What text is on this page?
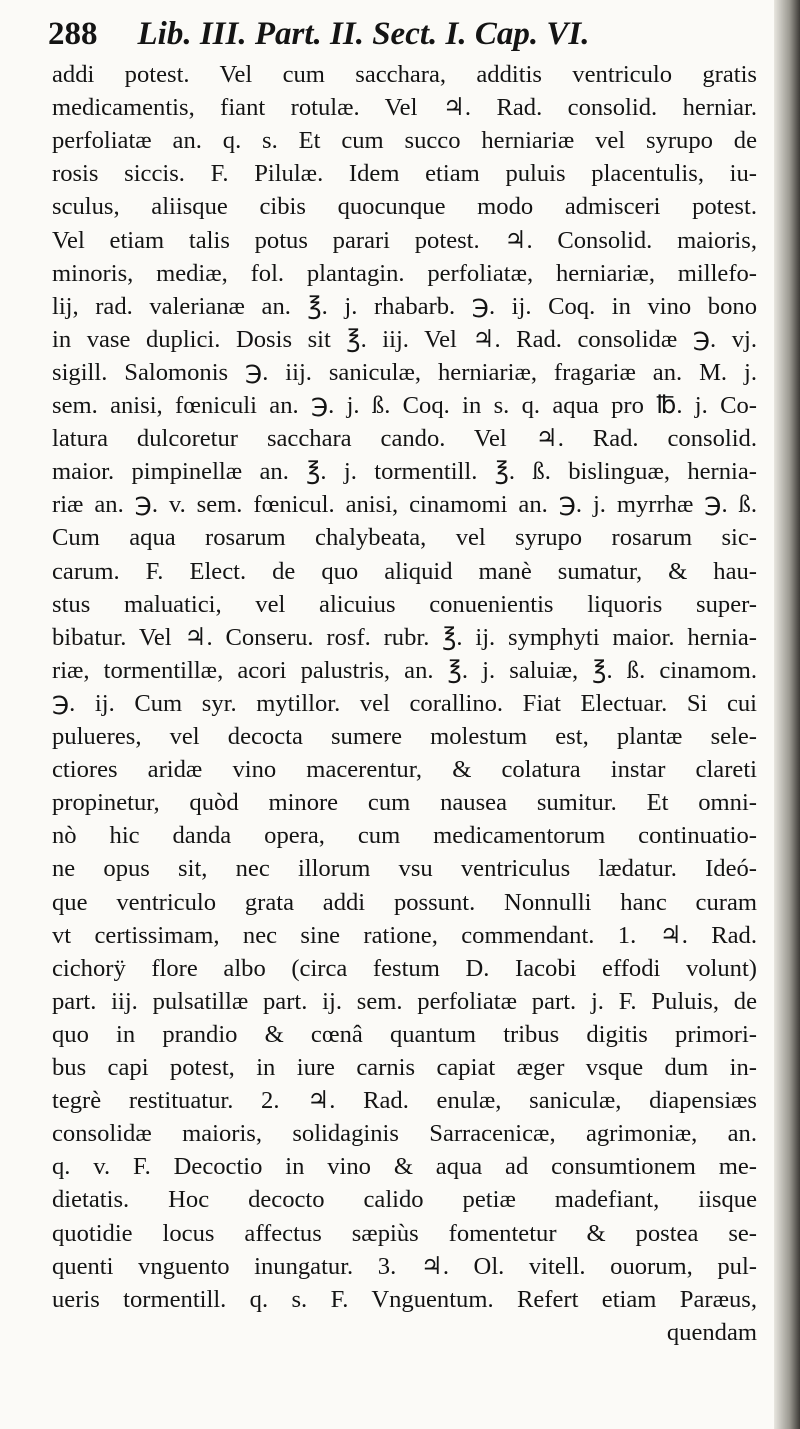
288 Lib. III. Part. II. Sect. I. Cap. VI.
addi potest. Vel cum sacchara, additis ventriculo gratis
medicamentis, fiant rotulæ. Vel ♃. Rad. consolid. herniar.
perfoliatæ an. q. s. Et cum succo herniariæ vel syrupo de
rosis siccis. F. Pilulæ. Idem etiam puluis placentulis, iu-
sculus, aliisque cibis quocunque modo admisceri potest.
Vel etiam talis potus parari potest. ♃. Consolid. maioris,
minoris, mediæ, fol. plantagin. perfoliatæ, herniariæ, millefo-
lij, rad. valerianæ an. ℥. j. rhabarb. ℈. ij. Coq. in vino bono
in vase duplici. Dosis sit ℥. iij. Vel ♃. Rad. consolidæ ℈. vj.
sigill. Salomonis ℈. iij. saniculæ, herniariæ, fragariæ an. M. j.
sem. anisi, fœniculi an. ℈. j. ß. Coq. in s. q. aqua pro ℔. j. Co-
latura dulcoretur sacchara cando. Vel ♃. Rad. consolid.
maior. pimpinellæ an. ℥. j. tormentill. ℥. ß. bislinguæ, hernia-
riæ an. ℈. v. sem. fœnicul. anisi, cinamomi an. ℈. j. myrrhæ ℈. ß.
Cum aqua rosarum chalybeata, vel syrupo rosarum sic-
carum. F. Elect. de quo aliquid manè sumatur, & hau-
stus maluatici, vel alicuius conuenientis liquoris super-
bibatur. Vel ♃. Conseru. rosf. rubr. ℥. ij. symphyti maior. hernia-
riæ, tormentillæ, acori palustris, an. ℥. j. saluiæ, ℥. ß. cinamom.
℈. ij. Cum syr. mytillor. vel corallino. Fiat Electuar. Si cui
pulueres, vel decocta sumere molestum est, plantæ sele-
ctiores aridæ vino macerentur, & colatura instar clareti
propinetur, quòd minore cum nausea sumitur. Et omni-
nò hic danda opera, cum medicamentorum continuatio-
ne opus sit, nec illorum vsu ventriculus lædatur. Ideó-
que ventriculo grata addi possunt. Nonnulli hanc curam
vt certissimam, nec sine ratione, commendant. 1. ♃. Rad.
cichorÿ flore albo (circa festum D. Iacobi effodi volunt)
part. iij. pulsatillæ part. ij. sem. perfoliatæ part. j. F. Puluis, de
quo in prandio & cœnâ quantum tribus digitis primori-
bus capi potest, in iure carnis capiat æger vsque dum in-
tegrè restituatur. 2. ♃. Rad. enulæ, saniculæ, diapensiæs
consolidæ maioris, solidaginis Sarracenicæ, agrimoniæ, an.
q. v. F. Decoctio in vino & aqua ad consumtionem me-
dietatis. Hoc decocto calido petiæ madefiant, iisque
quotidie locus affectus sæpiùs fomentetur & postea se-
quenti vnguento inungatur. 3. ♃. Ol. vitell. ouorum, pul-
ueris tormentill. q. s. F. Vnguentum. Refert etiam Paræus,
quendam
